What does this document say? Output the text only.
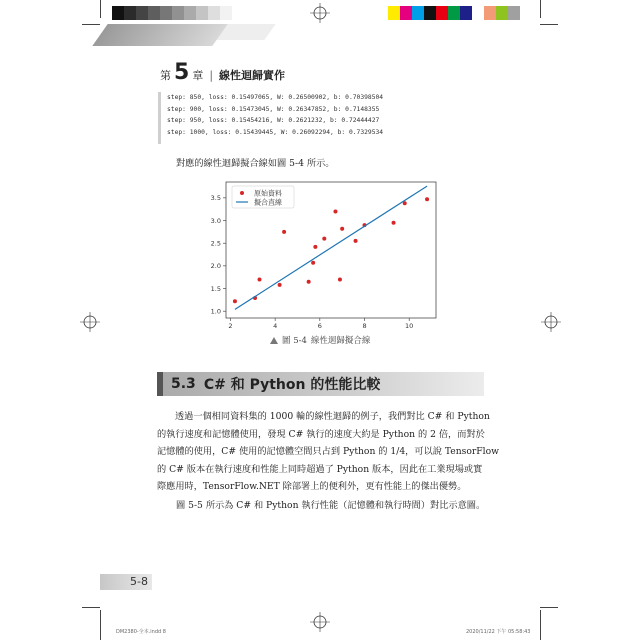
第 5 章 | 線性迴歸實作
step: 850, loss: 0.15497065, W: 0.26500902, b: 0.70398504
step: 900, loss: 0.15473045, W: 0.26347852, b: 0.7148355
step: 950, loss: 0.15454216, W: 0.2621232, b: 0.72444427
step: 1000, loss: 0.15439445, W: 0.26092294, b: 0.7329534
對應的線性迴歸擬合線如圖 5-4 所示。
2	4	6	8	10
1.0
1.5
2.0
2.5
3.0
3.5
原始資料
擬合直線
圖 5-4 線性迴歸擬合線
5.3 C# 和 Python 的性能比較
透過一個相同資料集的 1000 輪的線性迴歸的例子，我們對比 C# 和 Python
的執行速度和記憶體使用，發現 C# 執行的速度大約是 Python 的 2 倍，而對於
記憶體的使用，C# 使用的記憶體空間只占到 Python 的 1/4，可以說 TensorFlow
的 C# 版本在執行速度和性能上同時超過了 Python 版本，因此在工業現場或實
際應用時，TensorFlow.NET 除部署上的便利外，更有性能上的傑出優勢。
圖 5-5 所示為 C# 和 Python 執行性能（記憶體和執行時間）對比示意圖。
5-8
DM2380-全本.indd 8	2020/11/22 下午 05:58:43
